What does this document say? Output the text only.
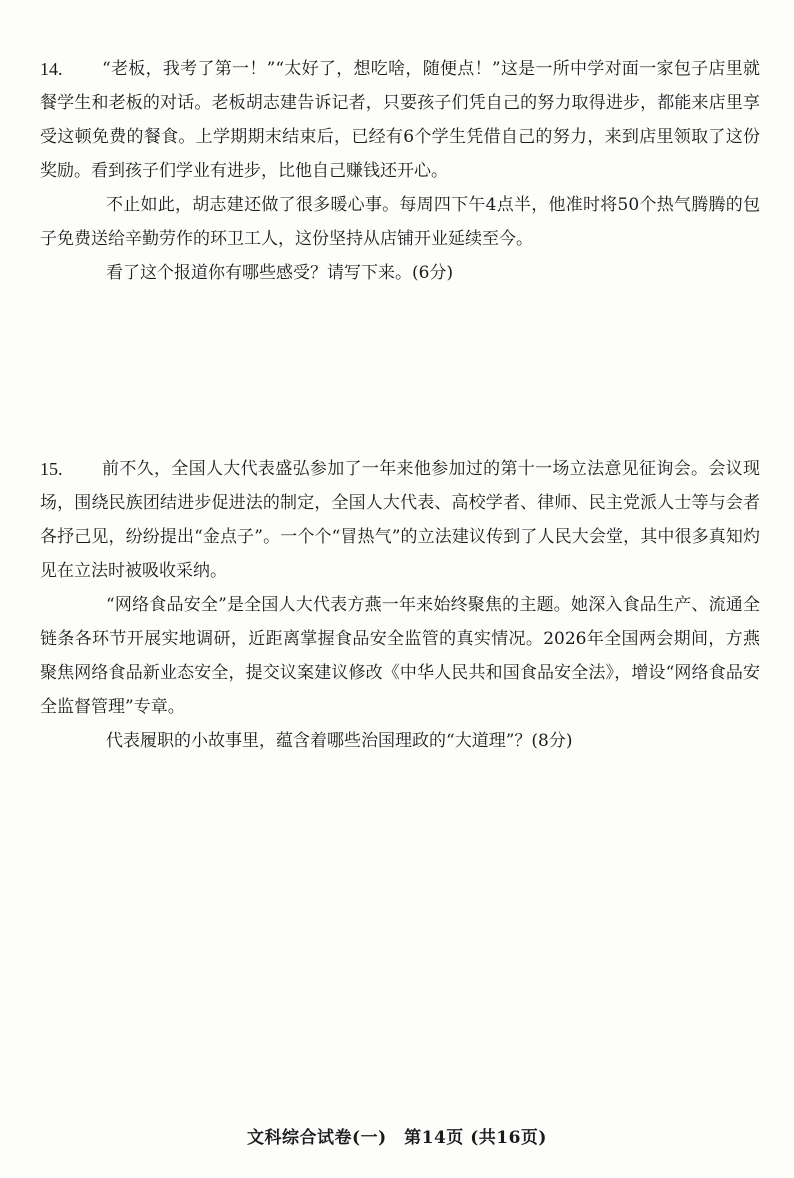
14.	“老板，我考了第一！”“太好了，想吃啥，随便点！”这是一所中学对面一家包子店里就餐学生和老板的对话。老板胡志建告诉记者，只要孩子们凭自己的努力取得进步，都能来店里享受这顿免费的餐食。上学期期末结束后，已经有6个学生凭借自己的努力，来到店里领取了这份奖励。看到孩子们学业有进步，比他自己赚钱还开心。

不止如此，胡志建还做了很多暖心事。每周四下午4点半，他准时将50个热气腾腾的包子免费送给辛勤劳作的环卫工人，这份坚持从店铺开业延续至今。

看了这个报道你有哪些感受？请写下来。(6分)

15.	前不久，全国人大代表盛弘参加了一年来他参加过的第十一场立法意见征询会。会议现场，围绕民族团结进步促进法的制定，全国人大代表、高校学者、律师、民主党派人士等与会者各抒己见，纷纷提出“金点子”。一个个“冒热气”的立法建议传到了人民大会堂，其中很多真知灼见在立法时被吸收采纳。

“网络食品安全”是全国人大代表方燕一年来始终聚焦的主题。她深入食品生产、流通全链条各环节开展实地调研，近距离掌握食品安全监管的真实情况。2026年全国两会期间，方燕聚焦网络食品新业态安全，提交议案建议修改《中华人民共和国食品安全法》，增设“网络食品安全监督管理”专章。

代表履职的小故事里，蕴含着哪些治国理政的“大道理”？(8分)

文科综合试卷(一)　第14页 (共16页)
